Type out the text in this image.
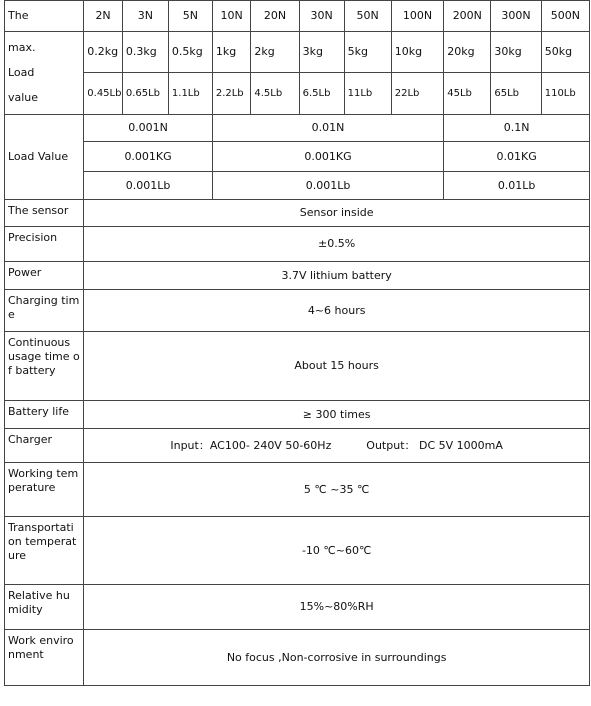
The	2N	3N	5N	10N	20N	30N	50N	100N	200N	300N	500N

max.
Load
value	0.2kg	0.3kg	0.5kg	1kg	2kg	3kg	5kg	10kg	20kg	30kg	50kg
	0.45Lb	0.65Lb	1.1Lb	2.2Lb	4.5Lb	6.5Lb	11Lb	22Lb	45Lb	65Lb	110Lb
Load Value	0.001N			0.01N					0.1N		
	0.001KG			0.001KG					0.01KG		
	0.001Lb			0.001Lb					0.01Lb		
The sensor	Sensor inside										
Precision	±0.5%										
Power	3.7V lithium battery										
Charging time	4~6 hours										
Continuous usage time of battery	About 15 hours										
Battery life	≥ 300 times										
Charger	Input：AC100- 240V 50-60Hz          Output： DC 5V 1000mA										
Working temperature	5 ℃ ~35 ℃										
Transportation temperature	-10 ℃~60℃										
Relative humidity	15%~80%RH										
Work environment	No focus ,Non-corrosive in surroundings										
